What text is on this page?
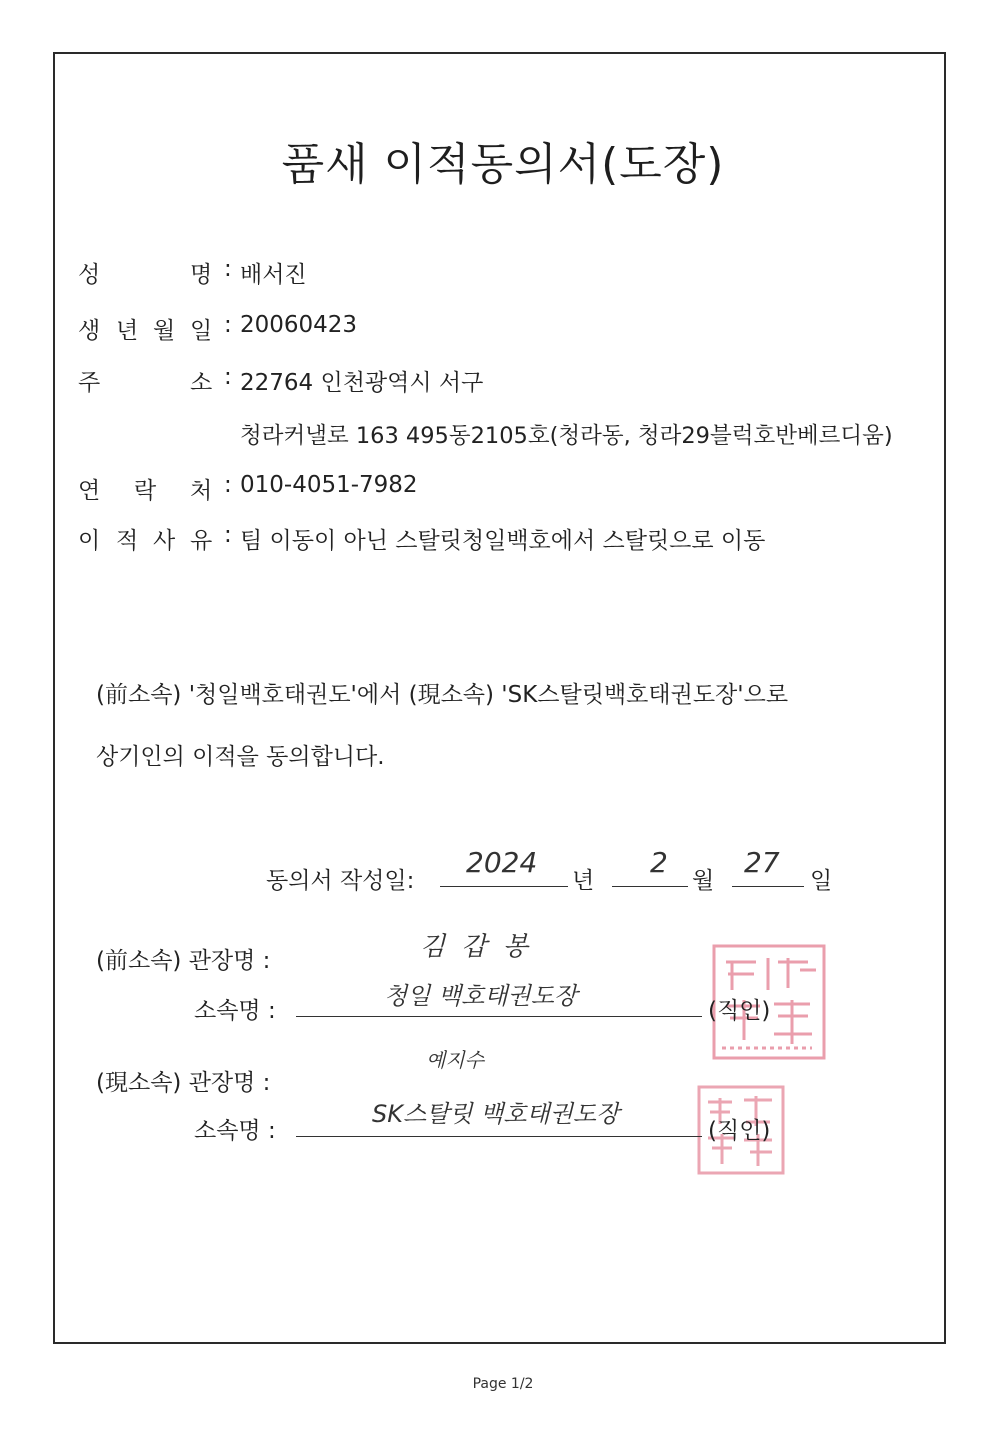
품새 이적동의서(도장)
성	명 : 배서진
생 년 월 일 : 20060423
주	소 : 22764 인천광역시 서구
청라커낼로 163 495동2105호(청라동, 청라29블럭호반베르디움)
연 락 처 : 010-4051-7982
이 적 사 유 : 팀 이동이 아닌 스탈릿청일백호에서 스탈릿으로 이동
(前소속) '청일백호태권도'에서 (現소속) 'SK스탈릿백호태권도장'으로
상기인의 이적을 동의합니다.
동의서 작성일:
2024
년
2
월
27
일
(前소속) 관장명 :	김 갑 봉
소속명 :
청일 백호태권도장
(직인)
(現소속) 관장명 :
예지수
소속명 :
SK스탈릿 백호태권도장
(직인)
Page 1/2
